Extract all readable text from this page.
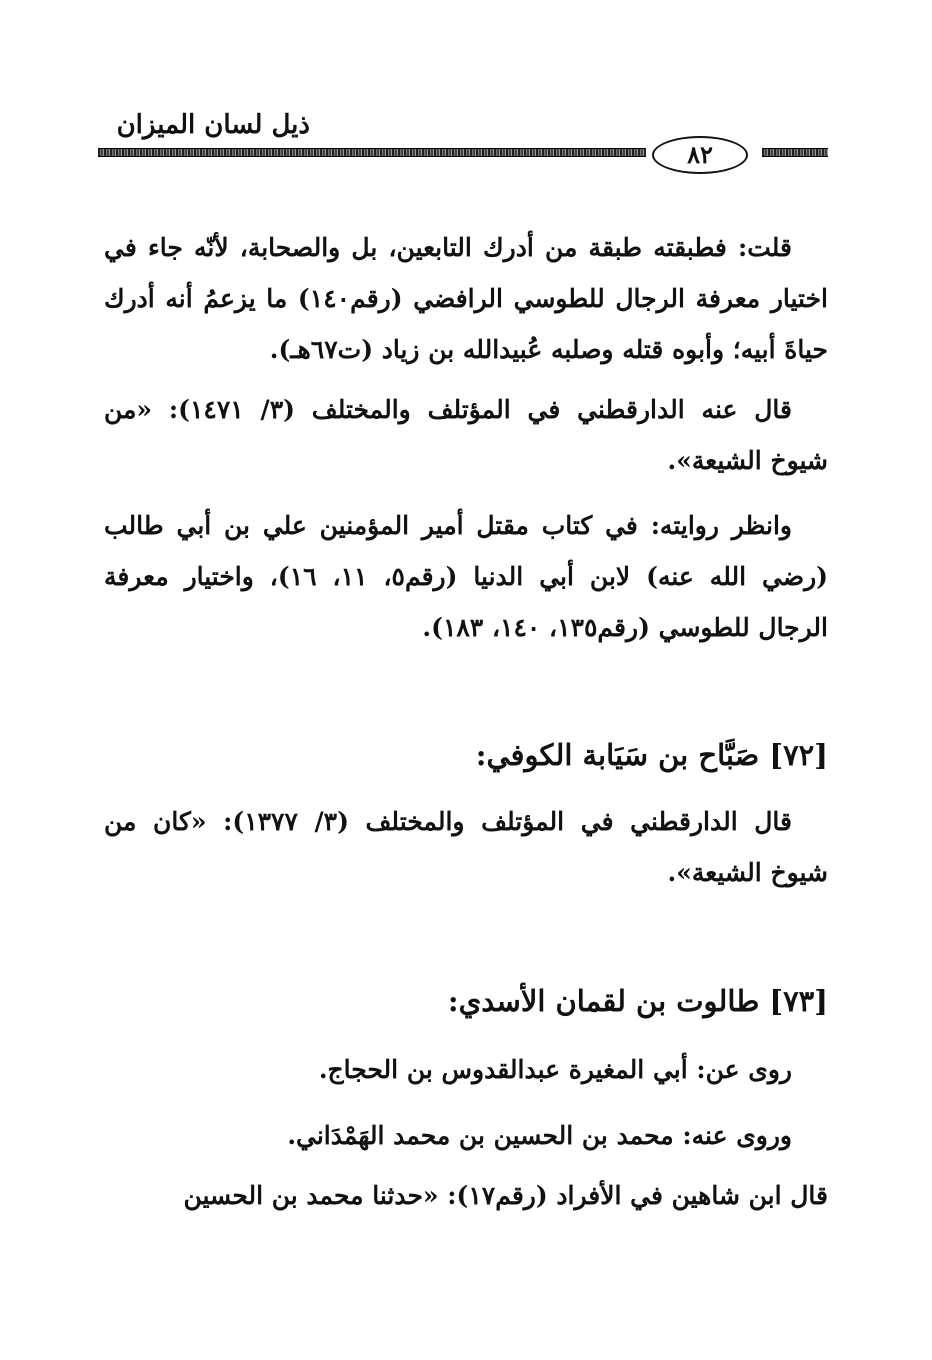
ذيل لسان الميزان
٨٢
قلت: فطبقته طبقة من أدرك التابعين، بل والصحابة، لأنّه جاء في اختيار معرفة الرجال للطوسي الرافضي (رقم١٤٠) ما يزعمُ أنه أدرك حياةَ أبيه؛ وأبوه قتله وصلبه عُبيدالله بن زياد (ت٦٧هـ).
قال عنه الدارقطني في المؤتلف والمختلف (٣/ ١٤٧١): «من شيوخ الشيعة».
وانظر روايته: في كتاب مقتل أمير المؤمنين علي بن أبي طالب (رضي الله عنه) لابن أبي الدنيا (رقم٥، ١١، ١٦)، واختيار معرفة الرجال للطوسي (رقم١٣٥، ١٤٠، ١٨٣).
[٧٢] صَبَّاح بن سَيَابة الكوفي:
قال الدارقطني في المؤتلف والمختلف (٣/ ١٣٧٧): «كان من شيوخ الشيعة».
[٧٣] طالوت بن لقمان الأسدي:
روى عن: أبي المغيرة عبدالقدوس بن الحجاج.
وروى عنه: محمد بن الحسين بن محمد الهَمْدَاني.
قال ابن شاهين في الأفراد (رقم١٧): «حدثنا محمد بن الحسين
